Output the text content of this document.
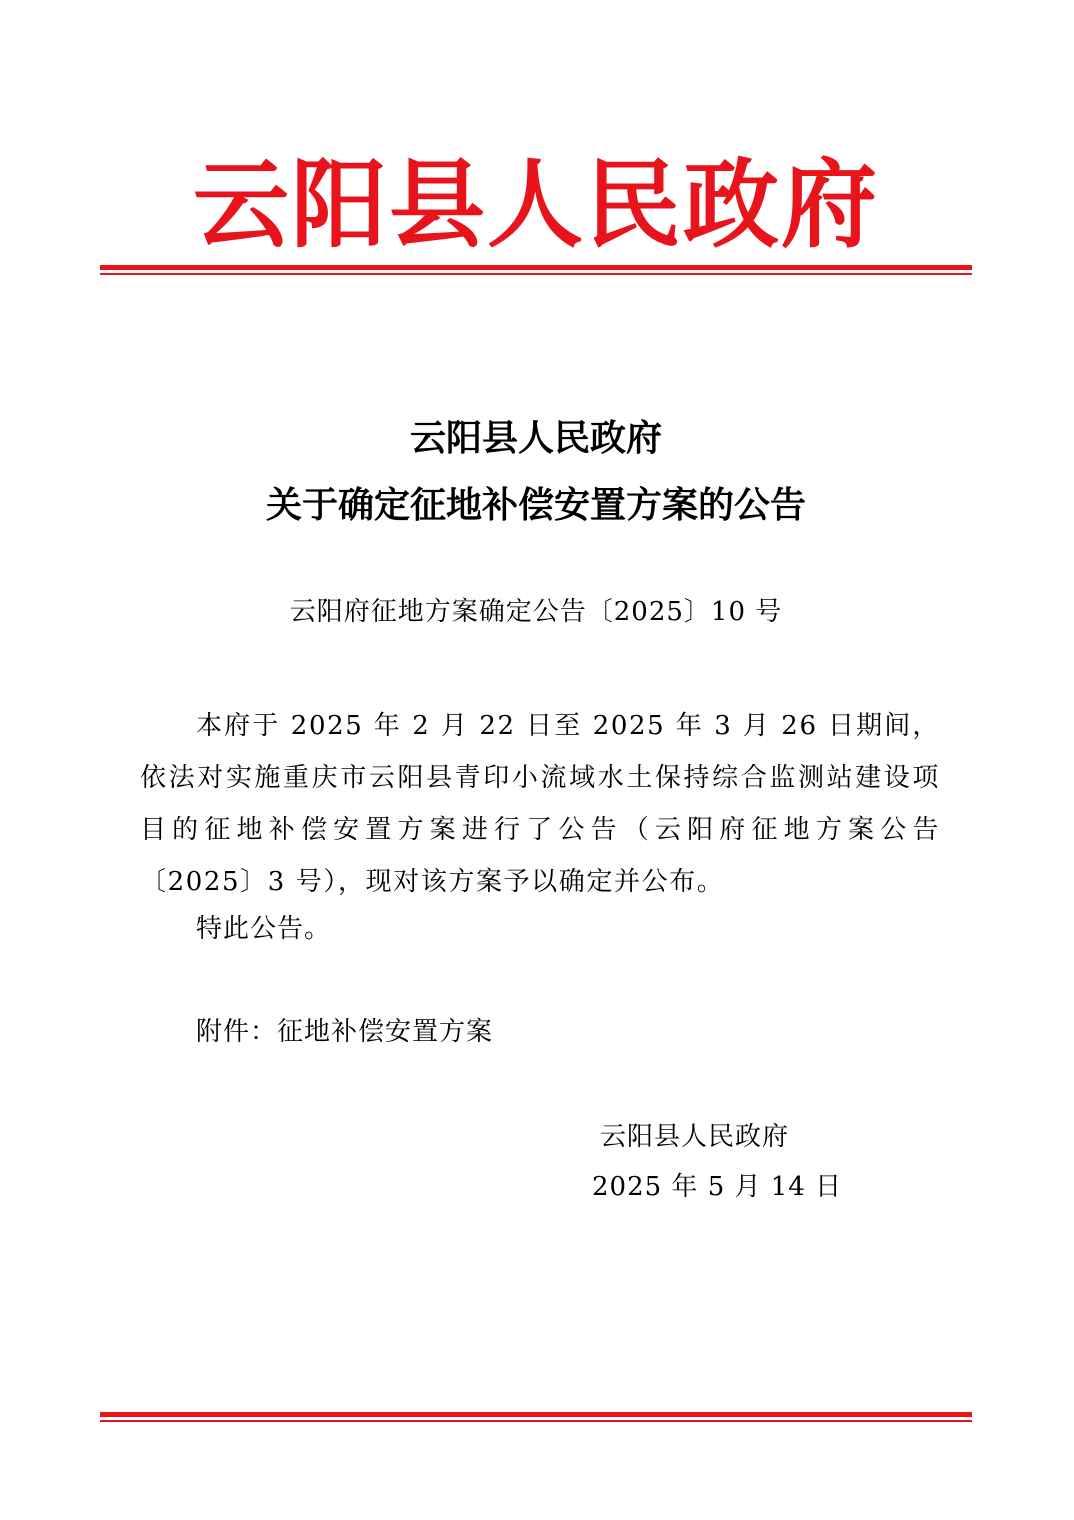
云阳县人民政府
云阳县人民政府
关于确定征地补偿安置方案的公告
云阳府征地方案确定公告〔2025〕10 号
本府于 2025 年 2 月 22 日至 2025 年 3 月 26 日期间，依法对实施重庆市云阳县青印小流域水土保持综合监测站建设项目的征地补偿安置方案进行了公告（云阳府征地方案公告〔2025〕3 号），现对该方案予以确定并公布。
特此公告。
附件：征地补偿安置方案
云阳县人民政府
2025 年 5 月 14 日
